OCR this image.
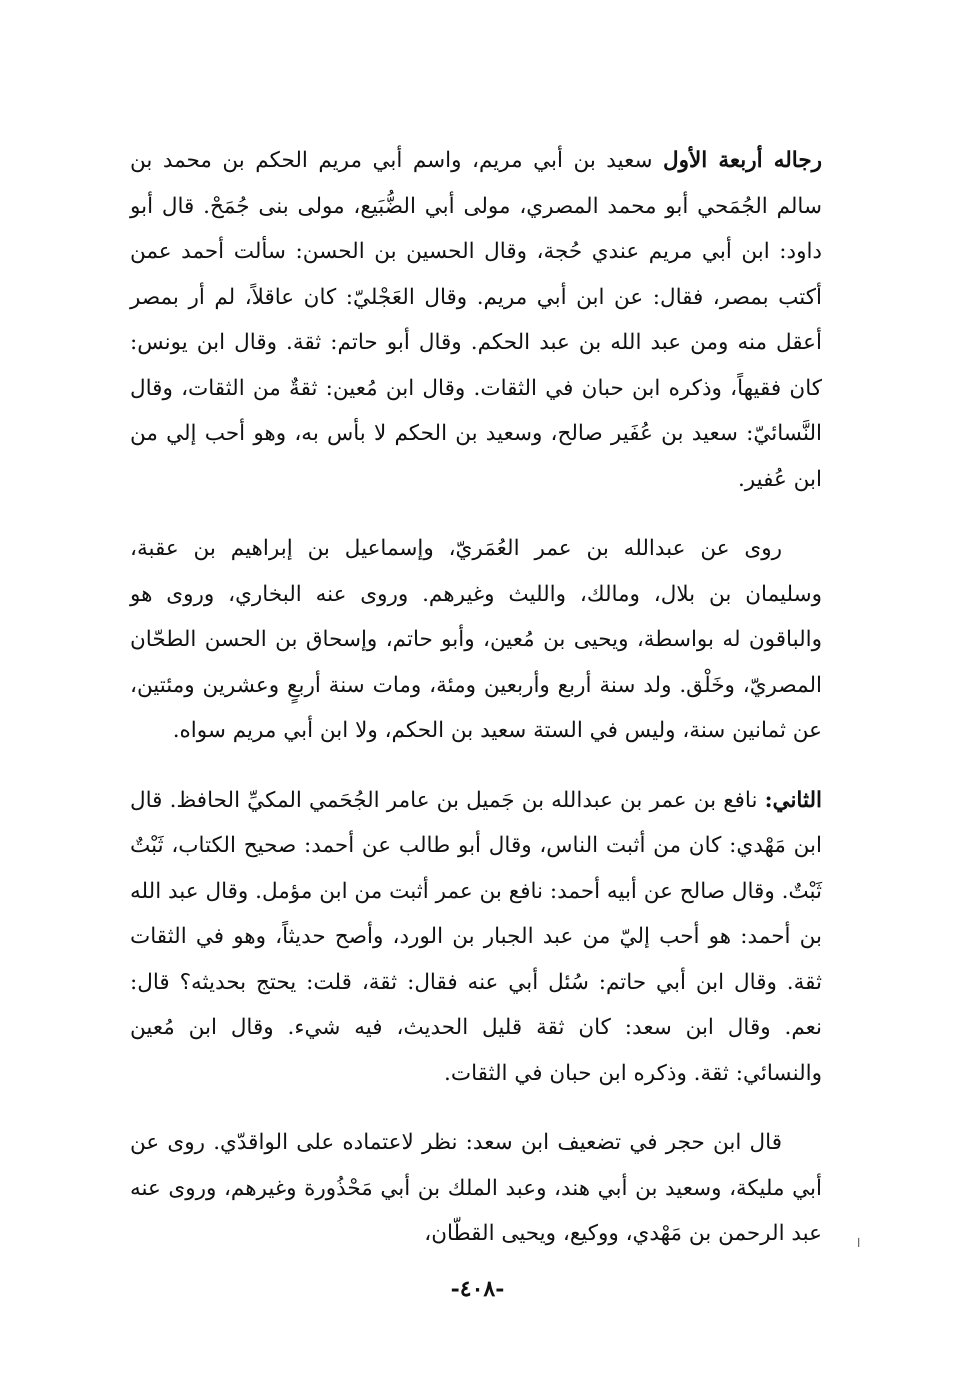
رجاله أربعة الأول سعيد بن أبي مريم، واسم أبي مريم الحكم بن محمد بن سالم الجُمَحي أبو محمد المصري، مولى أبي الضُّبَيع، مولى بنى جُمَحْ. قال أبو داود: ابن أبي مريم عندي حُجة، وقال الحسين بن الحسن: سألت أحمد عمن أكتب بمصر، فقال: عن ابن أبي مريم. وقال العَجْليّ: كان عاقلاً، لم أر بمصر أعقل منه ومن عبد الله بن عبد الحكم. وقال أبو حاتم: ثقة. وقال ابن يونس: كان فقيهاً، وذكره ابن حبان في الثقات. وقال ابن مُعين: ثقةٌ من الثقات، وقال النَّسائيّ: سعيد بن عُفَير صالح، وسعيد بن الحكم لا بأس به، وهو أحب إلي من ابن عُفير.

روى عن عبدالله بن عمر العُمَريّ، وإسماعيل بن إبراهيم بن عقبة، وسليمان بن بلال، ومالك، والليث وغيرهم. وروى عنه البخاري، وروى هو والباقون له بواسطة، ويحيى بن مُعين، وأبو حاتم، وإسحاق بن الحسن الطحّان المصريّ، وخَلْق. ولد سنة أربع وأربعين ومئة، ومات سنة أربعٍ وعشرين ومئتين، عن ثمانين سنة، وليس في الستة سعيد بن الحكم، ولا ابن أبي مريم سواه.

الثاني: نافع بن عمر بن عبدالله بن جَميل بن عامر الجُحَمي المكيِّ الحافظ. قال ابن مَهْدي: كان من أثبت الناس، وقال أبو طالب عن أحمد: صحيح الكتاب، ثَبْتٌ ثَبْتٌ. وقال صالح عن أبيه أحمد: نافع بن عمر أثبت من ابن مؤمل. وقال عبد الله بن أحمد: هو أحب إليّ من عبد الجبار بن الورد، وأصح حديثاً، وهو في الثقات ثقة. وقال ابن أبي حاتم: سُئل أبي عنه فقال: ثقة، قلت: يحتج بحديثه؟ قال: نعم. وقال ابن سعد: كان ثقة قليل الحديث، فيه شيء. وقال ابن مُعين والنسائي: ثقة. وذكره ابن حبان في الثقات.

قال ابن حجر في تضعيف ابن سعد: نظر لاعتماده على الواقدّي. روى عن أبي مليكة، وسعيد بن أبي هند، وعبد الملك بن أبي مَحْذُورة وغيرهم، وروى عنه عبد الرحمن بن مَهْدي، ووكيع، ويحيى القطّان،	ا
-٤٠٨-
